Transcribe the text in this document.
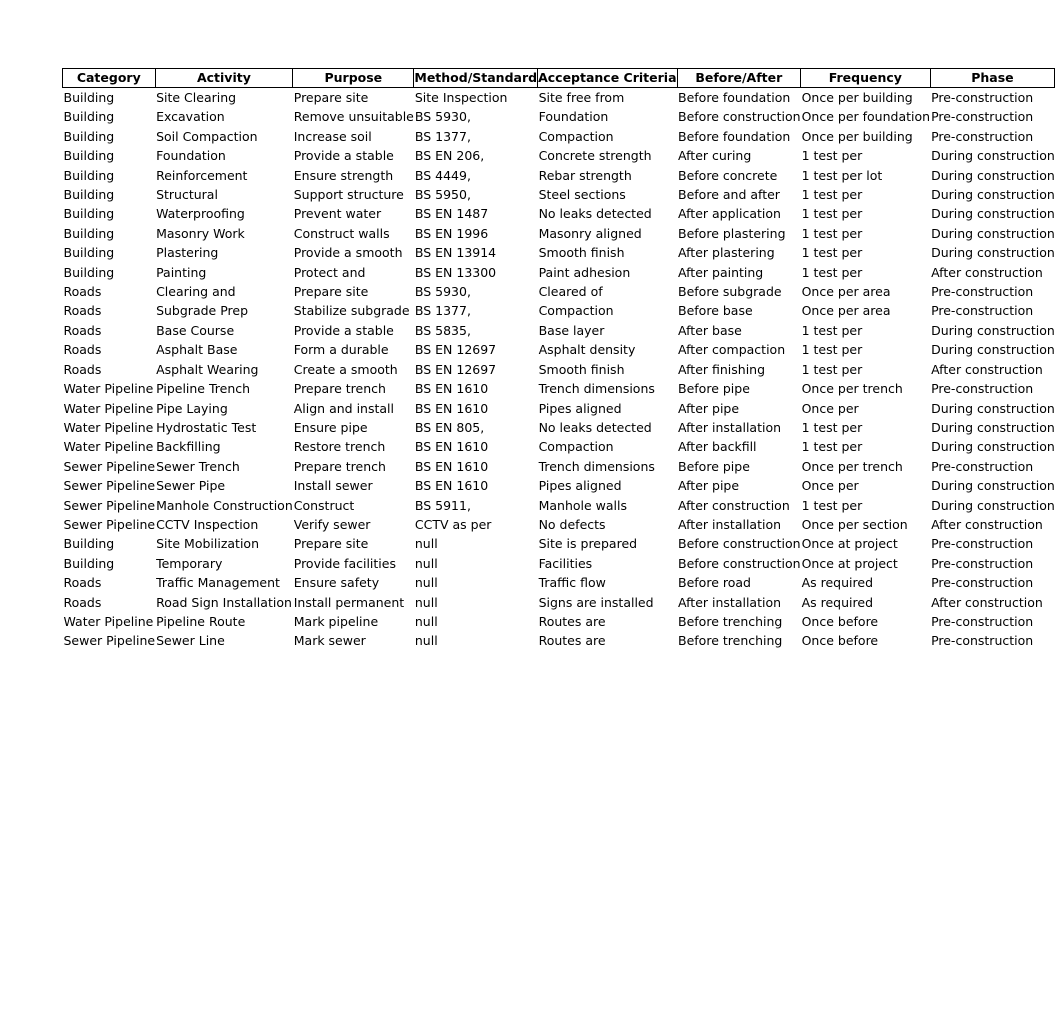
Category	Activity	Purpose	Method/Standard	Acceptance Criteria	Before/After	Frequency	Phase
Building	Site Clearing	Prepare site	Site Inspection	Site free from	Before foundation	Once per building	Pre-construction
Building	Excavation	Remove unsuitable	BS 5930,	Foundation	Before construction	Once per foundation	Pre-construction
Building	Soil Compaction	Increase soil	BS 1377,	Compaction	Before foundation	Once per building	Pre-construction
Building	Foundation	Provide a stable	BS EN 206,	Concrete strength	After curing	1 test per	During construction
Building	Reinforcement	Ensure strength	BS 4449,	Rebar strength	Before concrete	1 test per lot	During construction
Building	Structural	Support structure	BS 5950,	Steel sections	Before and after	1 test per	During construction
Building	Waterproofing	Prevent water	BS EN 1487	No leaks detected	After application	1 test per	During construction
Building	Masonry Work	Construct walls	BS EN 1996	Masonry aligned	Before plastering	1 test per	During construction
Building	Plastering	Provide a smooth	BS EN 13914	Smooth finish	After plastering	1 test per	During construction
Building	Painting	Protect and	BS EN 13300	Paint adhesion	After painting	1 test per	After construction
Roads	Clearing and	Prepare site	BS 5930,	Cleared of	Before subgrade	Once per area	Pre-construction
Roads	Subgrade Prep	Stabilize subgrade	BS 1377,	Compaction	Before base	Once per area	Pre-construction
Roads	Base Course	Provide a stable	BS 5835,	Base layer	After base	1 test per	During construction
Roads	Asphalt Base	Form a durable	BS EN 12697	Asphalt density	After compaction	1 test per	During construction
Roads	Asphalt Wearing	Create a smooth	BS EN 12697	Smooth finish	After finishing	1 test per	After construction
Water Pipeline	Pipeline Trench	Prepare trench	BS EN 1610	Trench dimensions	Before pipe	Once per trench	Pre-construction
Water Pipeline	Pipe Laying	Align and install	BS EN 1610	Pipes aligned	After pipe	Once per	During construction
Water Pipeline	Hydrostatic Test	Ensure pipe	BS EN 805,	No leaks detected	After installation	1 test per	During construction
Water Pipeline	Backfilling	Restore trench	BS EN 1610	Compaction	After backfill	1 test per	During construction
Sewer Pipeline	Sewer Trench	Prepare trench	BS EN 1610	Trench dimensions	Before pipe	Once per trench	Pre-construction
Sewer Pipeline	Sewer Pipe	Install sewer	BS EN 1610	Pipes aligned	After pipe	Once per	During construction
Sewer Pipeline	Manhole Construction	Construct	BS 5911,	Manhole walls	After construction	1 test per	During construction
Sewer Pipeline	CCTV Inspection	Verify sewer	CCTV as per	No defects	After installation	Once per section	After construction
Building	Site Mobilization	Prepare site	null	Site is prepared	Before construction	Once at project	Pre-construction
Building	Temporary	Provide facilities	null	Facilities	Before construction	Once at project	Pre-construction
Roads	Traffic Management	Ensure safety	null	Traffic flow	Before road	As required	Pre-construction
Roads	Road Sign Installation	Install permanent	null	Signs are installed	After installation	As required	After construction
Water Pipeline	Pipeline Route	Mark pipeline	null	Routes are	Before trenching	Once before	Pre-construction
Sewer Pipeline	Sewer Line	Mark sewer	null	Routes are	Before trenching	Once before	Pre-construction
